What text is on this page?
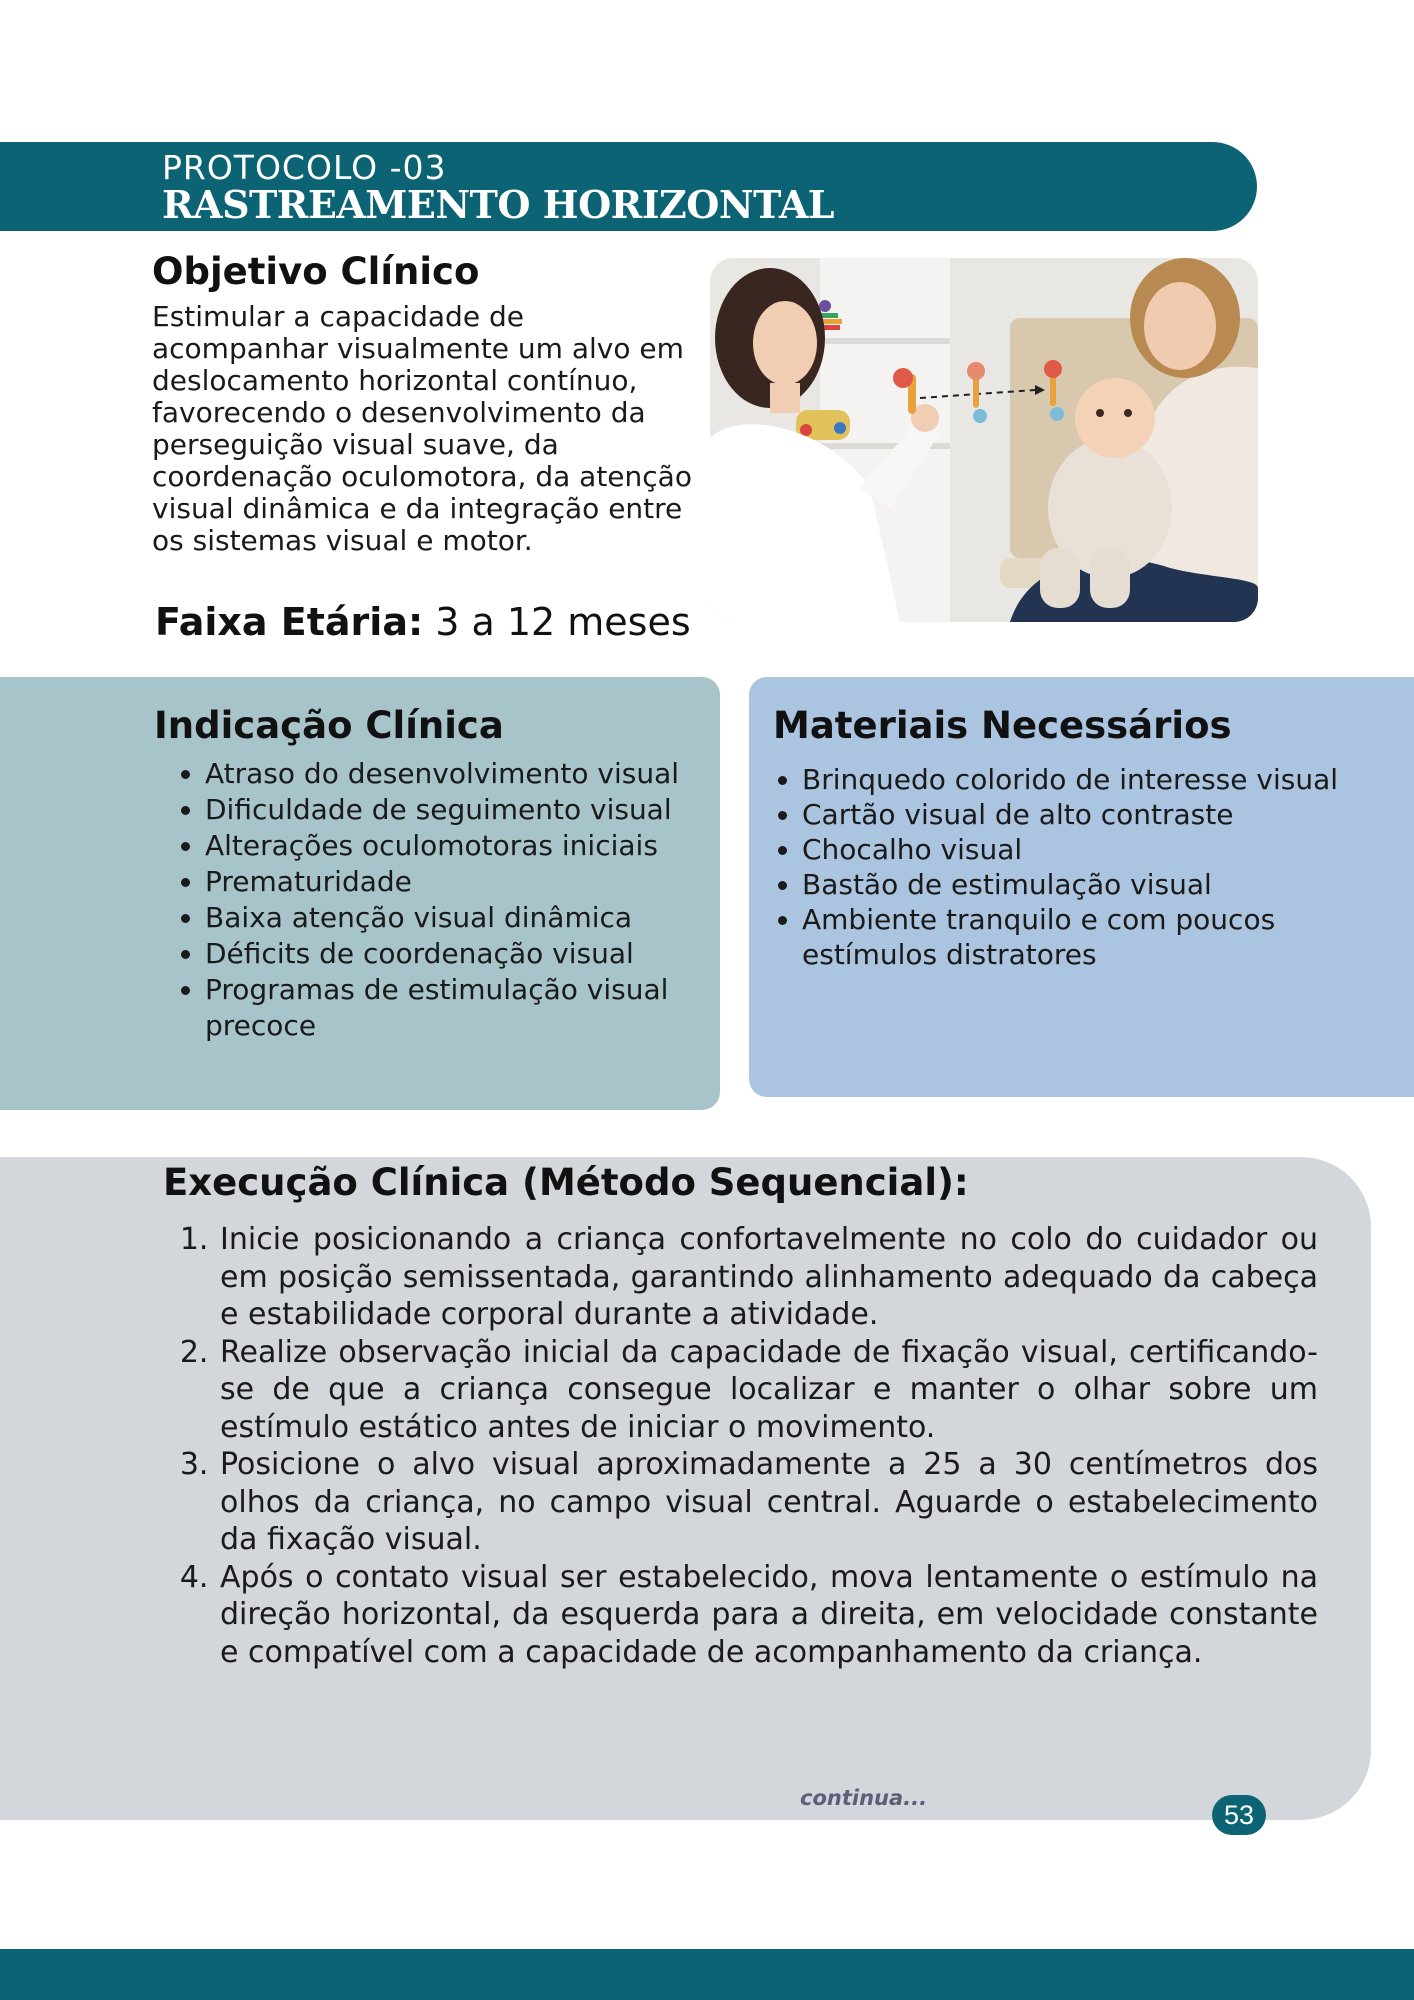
PROTOCOLO -03
RASTREAMENTO HORIZONTAL
Objetivo Clínico
Estimular a capacidade de acompanhar visualmente um alvo em deslocamento horizontal contínuo, favorecendo o desenvolvimento da perseguição visual suave, da coordenação oculomotora, da atenção visual dinâmica e da integração entre os sistemas visual e motor.
Faixa Etária: 3 a 12 meses
Indicação Clínica
• Atraso do desenvolvimento visual
• Dificuldade de seguimento visual
• Alterações oculomotoras iniciais
• Prematuridade
• Baixa atenção visual dinâmica
• Déficits de coordenação visual
• Programas de estimulação visual precoce
Materiais Necessários
• Brinquedo colorido de interesse visual
• Cartão visual de alto contraste
• Chocalho visual
• Bastão de estimulação visual
• Ambiente tranquilo e com poucos estímulos distratores
Execução Clínica (Método Sequencial):
1. Inicie posicionando a criança confortavelmente no colo do cuidador ou em posição semissentada, garantindo alinhamento adequado da cabeça e estabilidade corporal durante a atividade.
2. Realize observação inicial da capacidade de fixação visual, certificando-se de que a criança consegue localizar e manter o olhar sobre um estímulo estático antes de iniciar o movimento.
3. Posicione o alvo visual aproximadamente a 25 a 30 centímetros dos olhos da criança, no campo visual central. Aguarde o estabelecimento da fixação visual.
4. Após o contato visual ser estabelecido, mova lentamente o estímulo na direção horizontal, da esquerda para a direita, em velocidade constante e compatível com a capacidade de acompanhamento da criança.
continua...
53
